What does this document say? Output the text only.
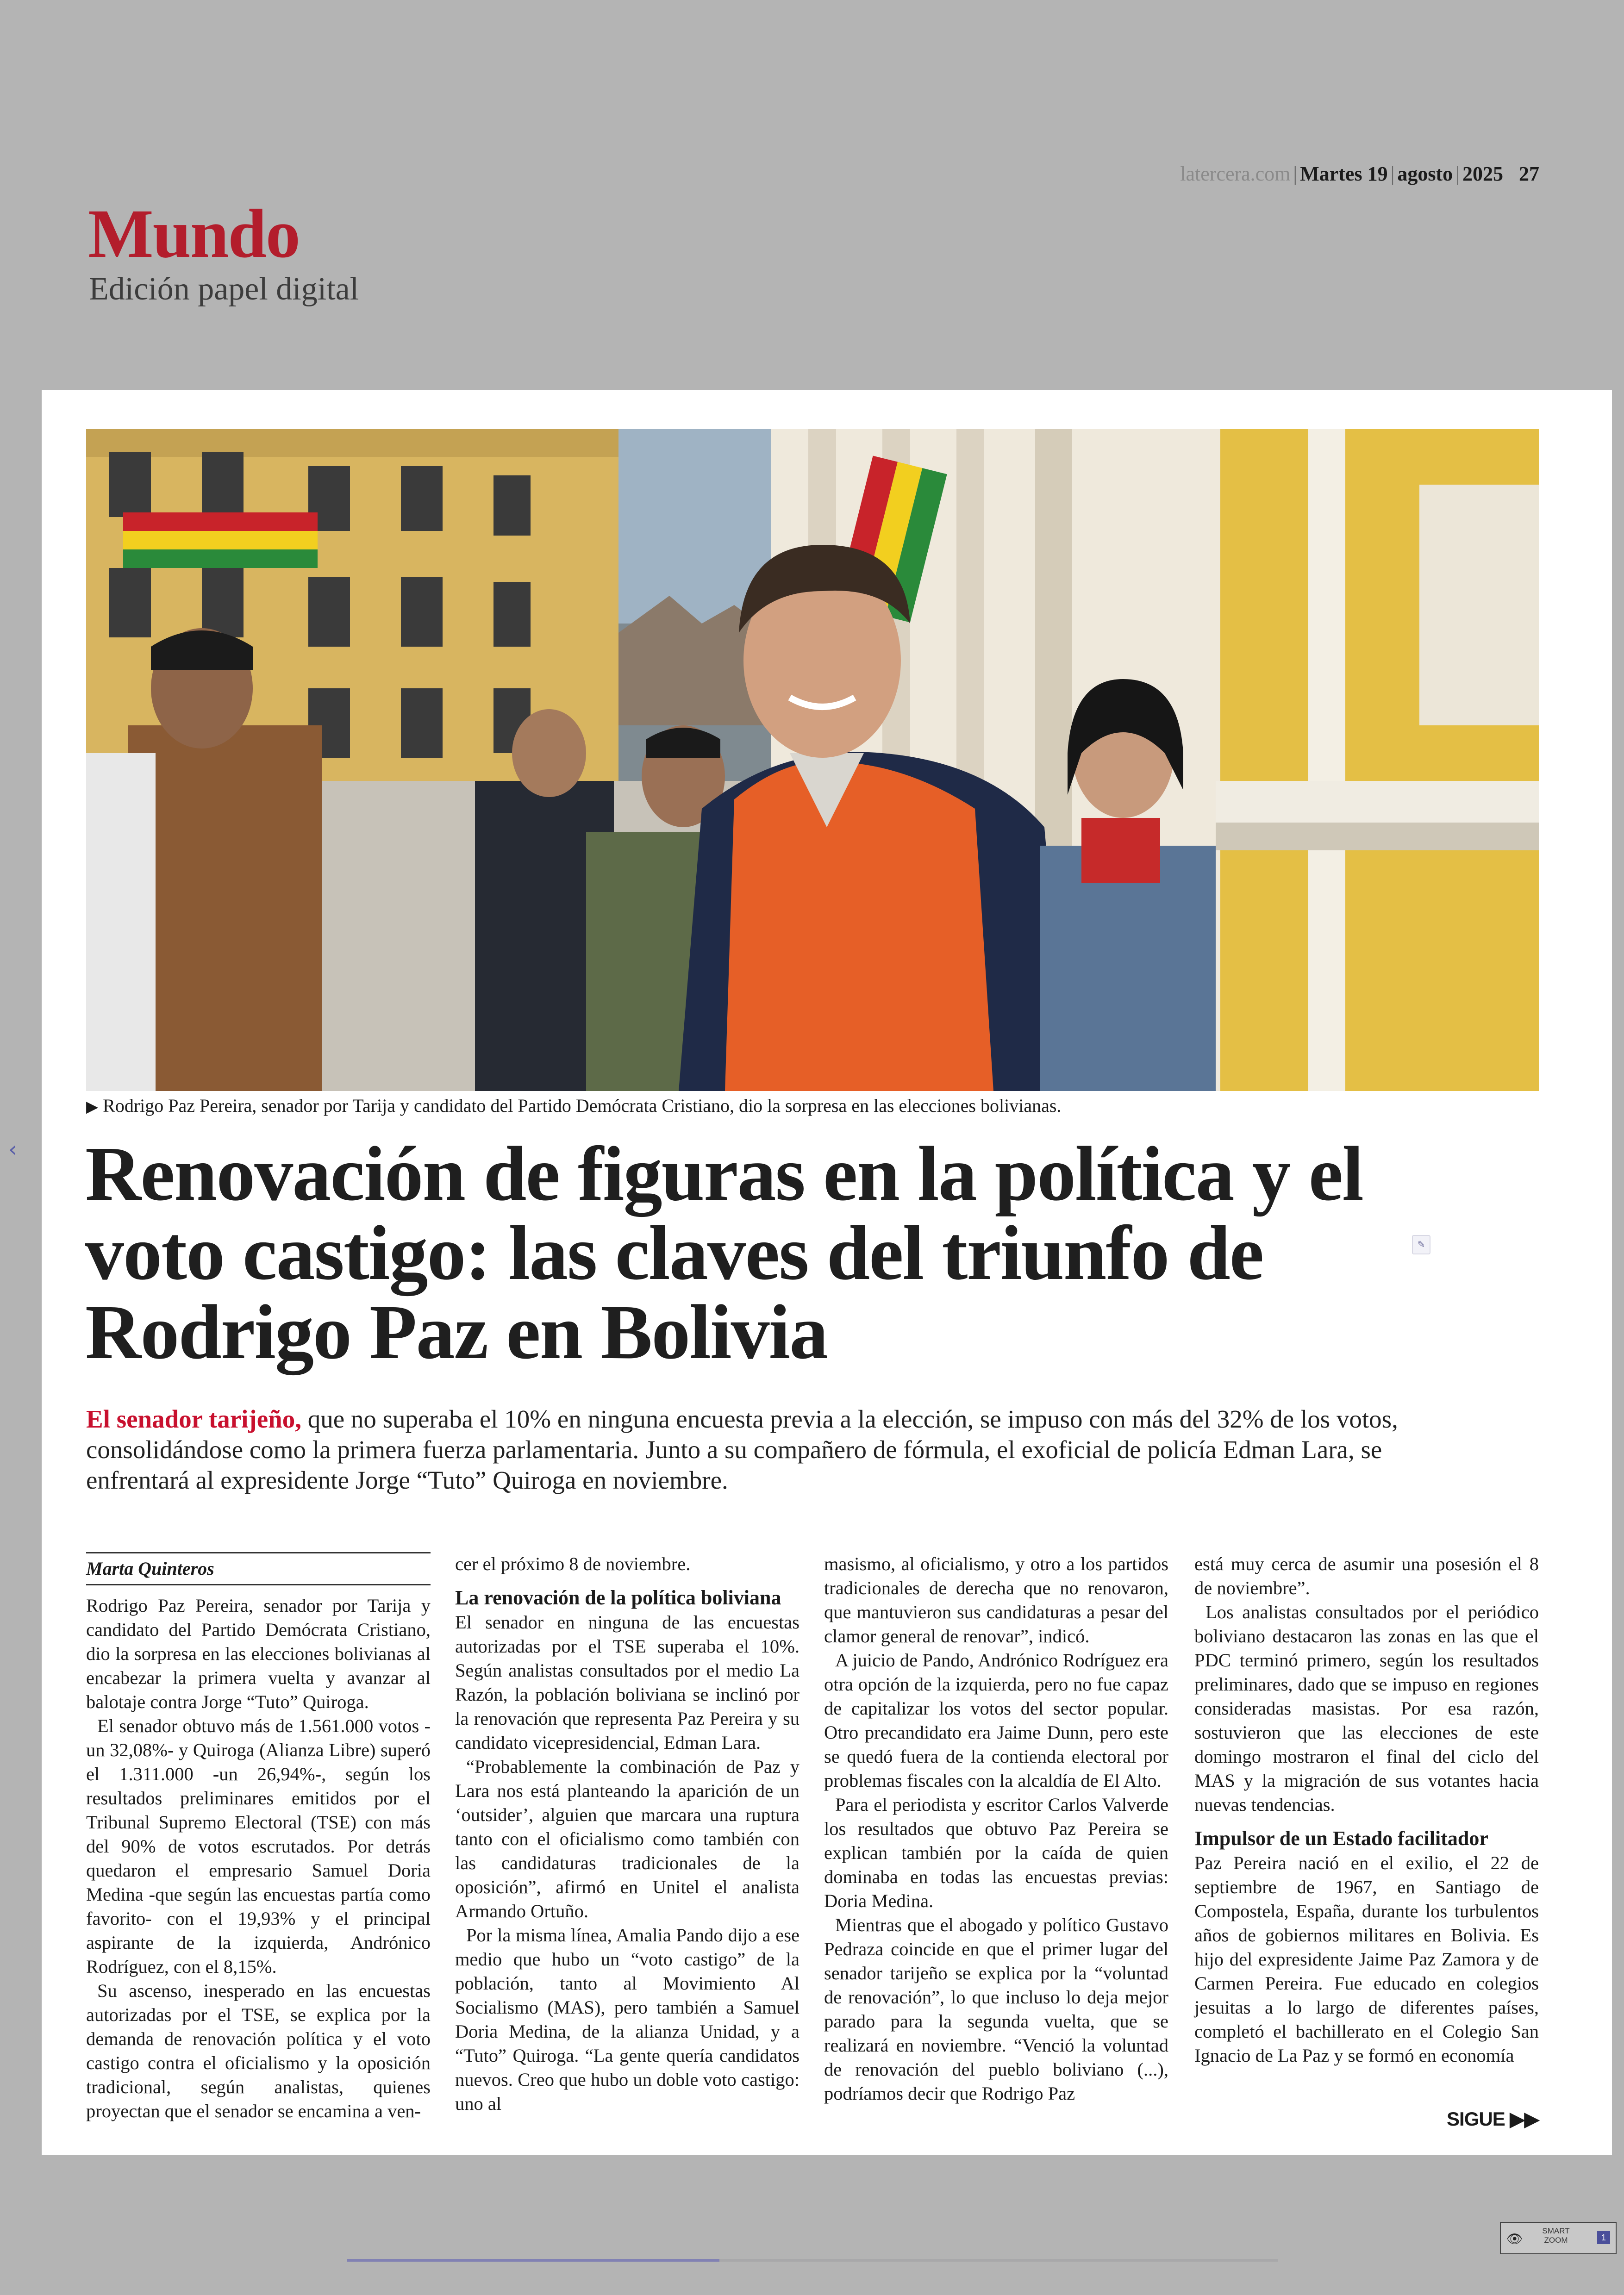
latercera.com | Martes 19 | agosto | 2025 27
Mundo
Edición papel digital
‹
▶ Rodrigo Paz Pereira, senador por Tarija y candidato del Partido Demócrata Cristiano, dio la sorpresa en las elecciones bolivianas.
Renovación de figuras en la política y el voto castigo: las claves del triunfo de Rodrigo Paz en Bolivia
✎

El senador tarijeño, que no superaba el 10% en ninguna encuesta previa a la elección, se impuso con más del 32% de los votos, consolidándose como la primera fuerza parlamentaria. Junto a su compañero de fórmula, el exoficial de policía Edman Lara, se enfrentará al expresidente Jorge “Tuto” Quiroga en noviembre.

Marta Quinteros

Rodrigo Paz Pereira, senador por Tarija y candidato del Partido Demócrata Cristiano, dio la sorpresa en las elecciones bolivianas al encabezar la primera vuelta y avanzar al balotaje contra Jorge “Tuto” Quiroga.

El senador obtuvo más de 1.561.000 votos -un 32,08%- y Quiroga (Alianza Libre) superó el 1.311.000 -un 26,94%-, según los resultados preliminares emitidos por el Tribunal Supremo Electoral (TSE) con más del 90% de votos escrutados. Por detrás quedaron el empresario Samuel Doria Medina -que según las encuestas partía como favorito- con el 19,93% y el principal aspirante de la izquierda, Andrónico Rodríguez, con el 8,15%.

Su ascenso, inesperado en las encuestas autorizadas por el TSE, se explica por la demanda de renovación política y el voto castigo contra el oficialismo y la oposición tradicional, según analistas, quienes proyectan que el senador se encamina a ven-

cer el próximo 8 de noviembre.

La renovación de la política boliviana

El senador en ninguna de las encuestas autorizadas por el TSE superaba el 10%. Según analistas consultados por el medio La Razón, la población boliviana se inclinó por la renovación que representa Paz Pereira y su candidato vicepresidencial, Edman Lara.

“Probablemente la combinación de Paz y Lara nos está planteando la aparición de un ‘outsider’, alguien que marcara una ruptura tanto con el oficialismo como también con las candidaturas tradicionales de la oposición”, afirmó en Unitel el analista Armando Ortuño.

Por la misma línea, Amalia Pando dijo a ese medio que hubo un “voto castigo” de la población, tanto al Movimiento Al Socialismo (MAS), pero también a Samuel Doria Medina, de la alianza Unidad, y a “Tuto” Quiroga. “La gente quería candidatos nuevos. Creo que hubo un doble voto castigo: uno al

masismo, al oficialismo, y otro a los partidos tradicionales de derecha que no renovaron, que mantuvieron sus candidaturas a pesar del clamor general de renovar”, indicó.

A juicio de Pando, Andrónico Rodríguez era otra opción de la izquierda, pero no fue capaz de capitalizar los votos del sector popular. Otro precandidato era Jaime Dunn, pero este se quedó fuera de la contienda electoral por problemas fiscales con la alcaldía de El Alto.

Para el periodista y escritor Carlos Valverde los resultados que obtuvo Paz Pereira se explican también por la caída de quien dominaba en todas las encuestas previas: Doria Medina.

Mientras que el abogado y político Gustavo Pedraza coincide en que el primer lugar del senador tarijeño se explica por la “voluntad de renovación”, lo que incluso lo deja mejor parado para la segunda vuelta, que se realizará en noviembre. “Venció la voluntad de renovación del pueblo boliviano (...), podríamos decir que Rodrigo Paz

está muy cerca de asumir una posesión el 8 de noviembre”.

Los analistas consultados por el periódico boliviano destacaron las zonas en las que el PDC terminó primero, según los resultados preliminares, dado que se impuso en regiones consideradas masistas. Por esa razón, sostuvieron que las elecciones de este domingo mostraron el final del ciclo del MAS y la migración de sus votantes hacia nuevas tendencias.

Impulsor de un Estado facilitador

Paz Pereira nació en el exilio, el 22 de septiembre de 1967, en Santiago de Compostela, España, durante los turbulentos años de gobiernos militares en Bolivia. Es hijo del expresidente Jaime Paz Zamora y de Carmen Pereira. Fue educado en colegios jesuitas a lo largo de diferentes países, completó el bachillerato en el Colegio San Ignacio de La Paz y se formó en economía

SIGUE ▶▶
👁
SMART ZOOM	1
